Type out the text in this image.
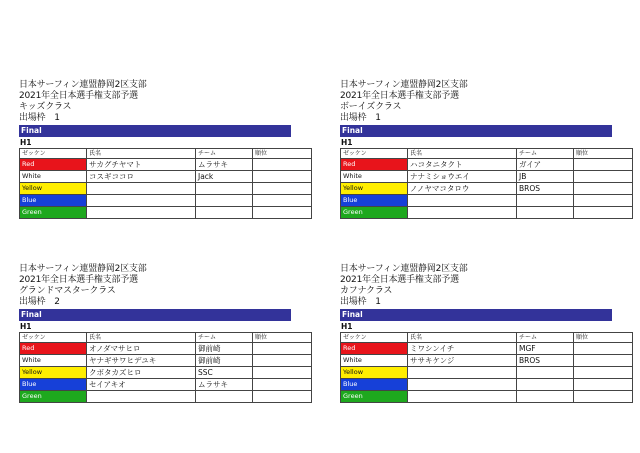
日本サーフィン連盟静岡2区支部
2021年全日本選手権支部予選
キッズクラス
出場枠　1
Final
H1
ゼッケン	氏名	チーム	順位
Red	サカグチヤマト	ムラサキ	
White	コスギココロ	Jack	
Yellow			
Blue			
Green			
日本サーフィン連盟静岡2区支部
2021年全日本選手権支部予選
ボーイズクラス
出場枠　1
Final
H1
ゼッケン	氏名	チーム	順位
Red	ハコタニタクト	ガイア	
White	ナナミショウエイ	JB	
Yellow	ノノヤマコタロウ	BROS	
Blue			
Green			
日本サーフィン連盟静岡2区支部
2021年全日本選手権支部予選
グランドマスタークラス
出場枠　2
Final
H1
ゼッケン	氏名	チーム	順位
Red	オノダマサヒロ	御前崎	
White	ヤナギサワヒデユキ	御前崎	
Yellow	クボタカズヒロ	SSC	
Blue	セイアキオ	ムラサキ	
Green			
日本サーフィン連盟静岡2区支部
2021年全日本選手権支部予選
カフナクラス
出場枠　1
Final
H1
ゼッケン	氏名	チーム	順位
Red	ミワシンイチ	MGF	
White	ササキケンジ	BROS	
Yellow			
Blue			
Green			
